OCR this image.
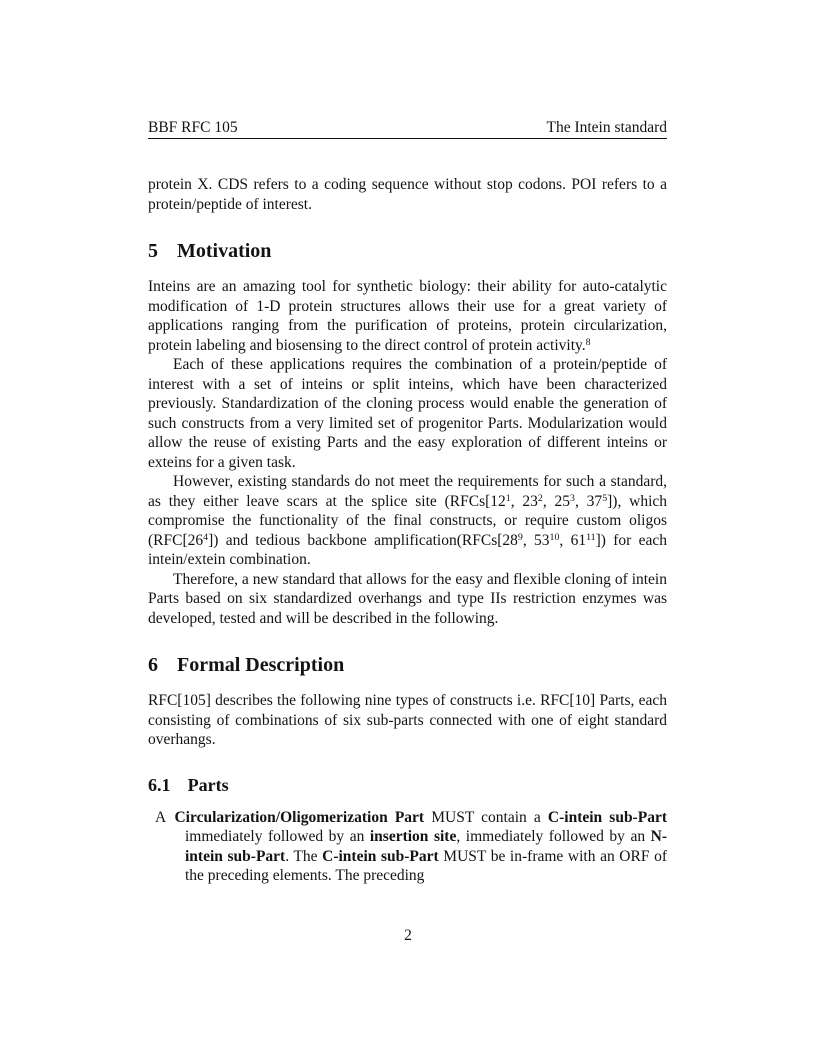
BBF RFC 105	The Intein standard

protein X. CDS refers to a coding sequence without stop codons. POI refers to a protein/peptide of interest.

5 Motivation

Inteins are an amazing tool for synthetic biology: their ability for auto-catalytic modification of 1-D protein structures allows their use for a great variety of applications ranging from the purification of proteins, protein circularization, protein labeling and biosensing to the direct control of protein activity.$^8$

Each of these applications requires the combination of a protein/peptide of interest with a set of inteins or split inteins, which have been characterized previously. Standardization of the cloning process would enable the generation of such constructs from a very limited set of progenitor Parts. Modularization would allow the reuse of existing Parts and the easy exploration of different inteins or exteins for a given task.

However, existing standards do not meet the requirements for such a standard, as they either leave scars at the splice site ($RFCs[12^1$, $23^2$, $25^3$, $37^5$]), which compromise the functionality of the final constructs, or require custom oligos $(RFC[26^4])$ and tedious backbone $amplification(RFCs[28^9$, $53^{10}$, $61^{11}$]) for each intein/extein combination.

Therefore, a new standard that allows for the easy and flexible cloning of intein Parts based on six standardized overhangs and type IIs restriction enzymes was developed, tested and will be described in the following.

6 Formal Description

RFC[105] describes the following nine types of constructs i.e. RFC[10] Parts, each consisting of combinations of six sub-parts connected with one of eight standard overhangs.

6.1 Parts
A Circularization/Oligomerization Part MUST contain a C-intein sub-Part immediately followed by an insertion site, immediately followed by an N-intein sub-Part. The C-intein sub-Part MUST be in-frame with an ORF of the preceding elements. The preceding
2
